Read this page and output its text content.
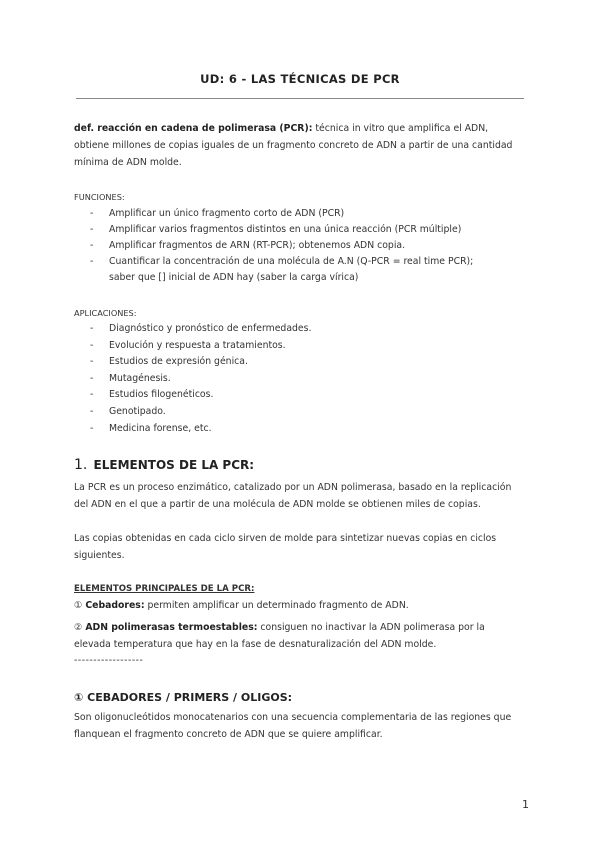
UD: 6 - LAS TÉCNICAS DE PCR
def. reacción en cadena de polimerasa (PCR): técnica in vitro que amplifica el ADN, obtiene millones de copias iguales de un fragmento concreto de ADN a partir de una cantidad mínima de ADN molde.
FUNCIONES:
- Amplificar un único fragmento corto de ADN (PCR)
- Amplificar varios fragmentos distintos en una única reacción (PCR múltiple)
- Amplificar fragmentos de ARN (RT-PCR); obtenemos ADN copia.
- Cuantificar la concentración de una molécula de A.N (Q-PCR = real time PCR);
saber que [] inicial de ADN hay (saber la carga vírica)
APLICACIONES:
- Diagnóstico y pronóstico de enfermedades.
- Evolución y respuesta a tratamientos.
- Estudios de expresión génica.
- Mutagénesis.
- Estudios filogenéticos.
- Genotipado.
- Medicina forense, etc.
1. ELEMENTOS DE LA PCR:
La PCR es un proceso enzimático, catalizado por un ADN polimerasa, basado en la replicación del ADN en el que a partir de una molécula de ADN molde se obtienen miles de copias.
Las copias obtenidas en cada ciclo sirven de molde para sintetizar nuevas copias en ciclos siguientes.
ELEMENTOS PRINCIPALES DE LA PCR:
① Cebadores: permiten amplificar un determinado fragmento de ADN.
② ADN polimerasas termoestables: consiguen no inactivar la ADN polimerasa por la elevada temperatura que hay en la fase de desnaturalización del ADN molde.
------------------
① CEBADORES / PRIMERS / OLIGOS:
Son oligonucleótidos monocatenarios con una secuencia complementaria de las regiones que flanquean el fragmento concreto de ADN que se quiere amplificar.
1
